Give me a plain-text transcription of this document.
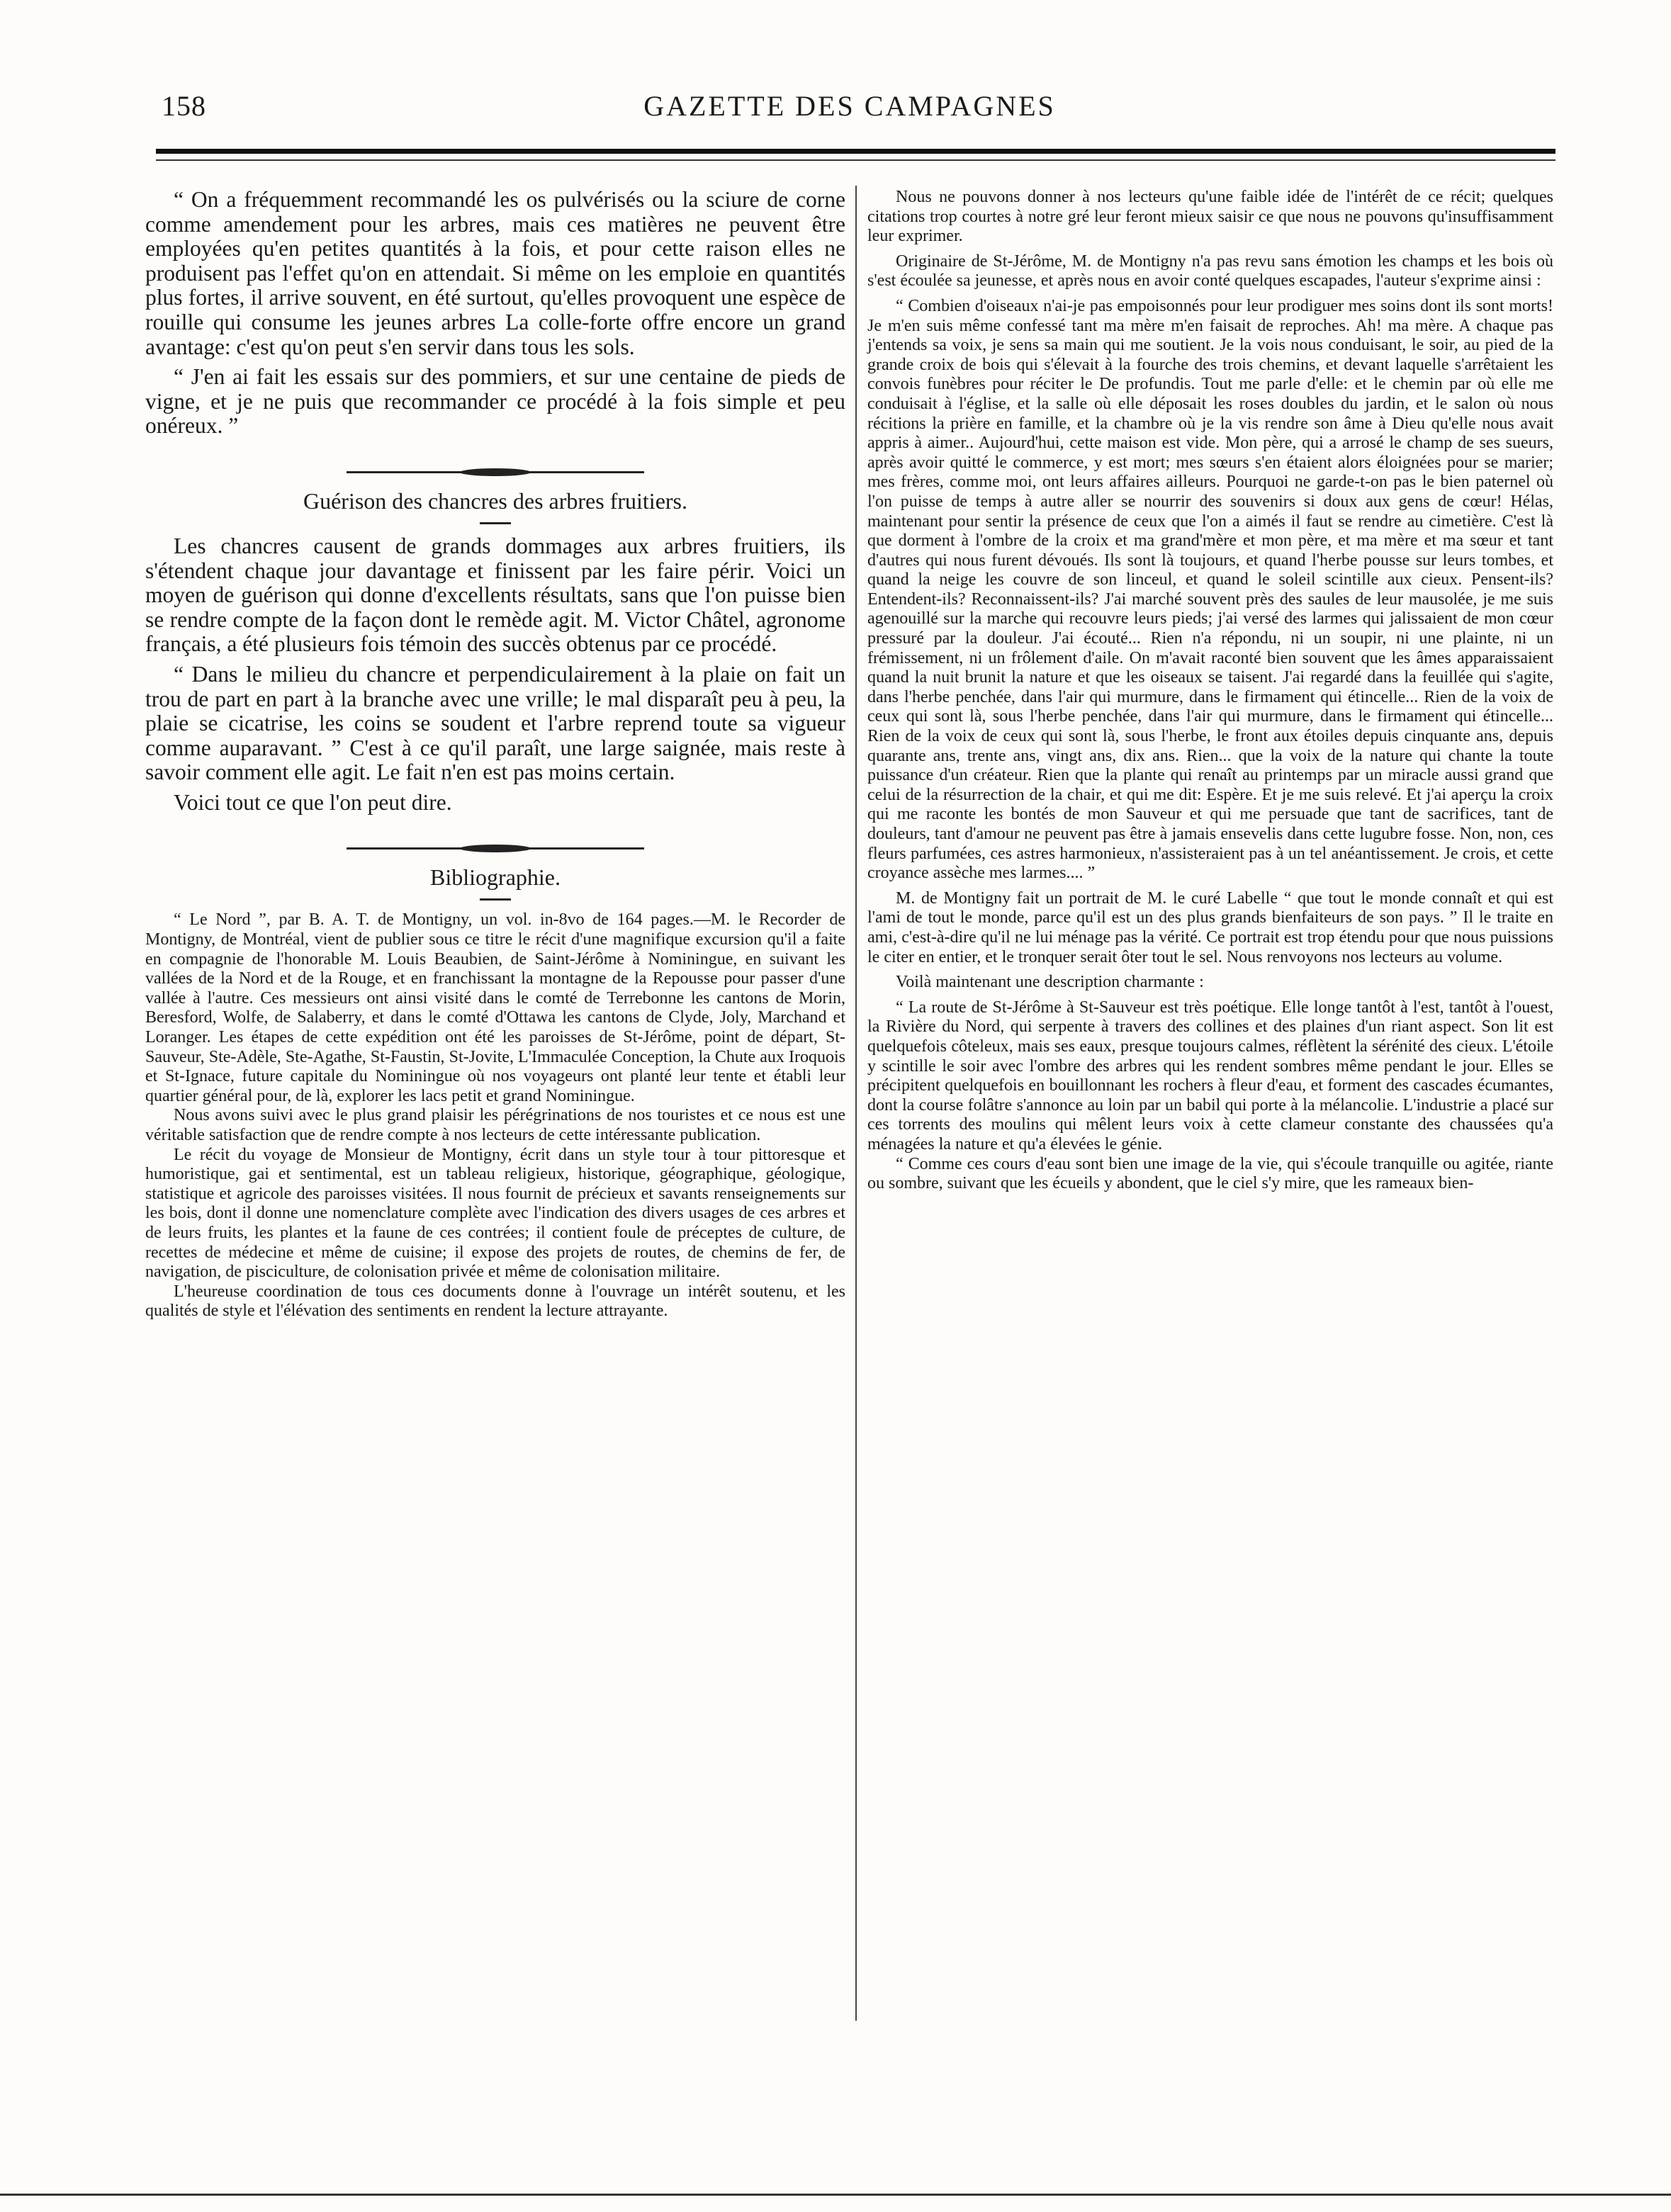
158	GAZETTE DES CAMPAGNES

“ On a fréquemment recommandé les os pulvérisés ou la sciure de corne comme amendement pour les arbres, mais ces matières ne peuvent être employées qu'en petites quantités à la fois, et pour cette raison elles ne produisent pas l'effet qu'on en attendait. Si même on les emploie en quantités plus fortes, il arrive souvent, en été surtout, qu'elles provoquent une espèce de rouille qui consume les jeunes arbres La colle-forte offre encore un grand avantage: c'est qu'on peut s'en servir dans tous les sols.

“ J'en ai fait les essais sur des pommiers, et sur une centaine de pieds de vigne, et je ne puis que recommander ce procédé à la fois simple et peu onéreux. ”

Guérison des chancres des arbres fruitiers.

Les chancres causent de grands dommages aux arbres fruitiers, ils s'étendent chaque jour davantage et finissent par les faire périr. Voici un moyen de guérison qui donne d'excellents résultats, sans que l'on puisse bien se rendre compte de la façon dont le remède agit. M. Victor Châtel, agronome français, a été plusieurs fois témoin des succès obtenus par ce procédé.

“ Dans le milieu du chancre et perpendiculairement à la plaie on fait un trou de part en part à la branche avec une vrille; le mal disparaît peu à peu, la plaie se cicatrise, les coins se soudent et l'arbre reprend toute sa vigueur comme auparavant. ” C'est à ce qu'il paraît, une large saignée, mais reste à savoir comment elle agit. Le fait n'en est pas moins certain.

Voici tout ce que l'on peut dire.

Bibliographie.

“ Le Nord ”, par B. A. T. de Montigny, un vol. in-8vo de 164 pages.—M. le Recorder de Montigny, de Montréal, vient de publier sous ce titre le récit d'une magnifique excursion qu'il a faite en compagnie de l'honorable M. Louis Beaubien, de Saint-Jérôme à Nominingue, en suivant les vallées de la Nord et de la Rouge, et en franchissant la montagne de la Repousse pour passer d'une vallée à l'autre. Ces messieurs ont ainsi visité dans le comté de Terrebonne les cantons de Morin, Beresford, Wolfe, de Salaberry, et dans le comté d'Ottawa les cantons de Clyde, Joly, Marchand et Loranger. Les étapes de cette expédition ont été les paroisses de St-Jérôme, point de départ, St-Sauveur, Ste-Adèle, Ste-Agathe, St-Faustin, St-Jovite, L'Immaculée Conception, la Chute aux Iroquois et St-Ignace, future capitale du Nominingue où nos voyageurs ont planté leur tente et établi leur quartier général pour, de là, explorer les lacs petit et grand Nominingue.

Nous avons suivi avec le plus grand plaisir les pérégrinations de nos touristes et ce nous est une véritable satisfaction que de rendre compte à nos lecteurs de cette intéressante publication.

Le récit du voyage de Monsieur de Montigny, écrit dans un style tour à tour pittoresque et humoristique, gai et sentimental, est un tableau religieux, historique, géographique, géologique, statistique et agricole des paroisses visitées. Il nous fournit de précieux et savants renseignements sur les bois, dont il donne une nomenclature complète avec l'indication des divers usages de ces arbres et de leurs fruits, les plantes et la faune de ces contrées; il contient foule de préceptes de culture, de recettes de médecine et même de cuisine; il expose des projets de routes, de chemins de fer, de navigation, de pisciculture, de colonisation privée et même de colonisation militaire.

L'heureuse coordination de tous ces documents donne à l'ouvrage un intérêt soutenu, et les qualités de style et l'élévation des sentiments en rendent la lecture attrayante.

Nous ne pouvons donner à nos lecteurs qu'une faible idée de l'intérêt de ce récit; quelques citations trop courtes à notre gré leur feront mieux saisir ce que nous ne pouvons qu'insuffisamment leur exprimer.

Originaire de St-Jérôme, M. de Montigny n'a pas revu sans émotion les champs et les bois où s'est écoulée sa jeunesse, et après nous en avoir conté quelques escapades, l'auteur s'exprime ainsi :

“ Combien d'oiseaux n'ai-je pas empoisonnés pour leur prodiguer mes soins dont ils sont morts! Je m'en suis même confessé tant ma mère m'en faisait de reproches. Ah! ma mère. A chaque pas j'entends sa voix, je sens sa main qui me soutient. Je la vois nous conduisant, le soir, au pied de la grande croix de bois qui s'élevait à la fourche des trois chemins, et devant laquelle s'arrêtaient les convois funèbres pour réciter le De profundis. Tout me parle d'elle: et le chemin par où elle me conduisait à l'église, et la salle où elle déposait les roses doubles du jardin, et le salon où nous récitions la prière en famille, et la chambre où je la vis rendre son âme à Dieu qu'elle nous avait appris à aimer.. Aujourd'hui, cette maison est vide. Mon père, qui a arrosé le champ de ses sueurs, après avoir quitté le commerce, y est mort; mes sœurs s'en étaient alors éloignées pour se marier; mes frères, comme moi, ont leurs affaires ailleurs. Pourquoi ne garde-t-on pas le bien paternel où l'on puisse de temps à autre aller se nourrir des souvenirs si doux aux gens de cœur! Hélas, maintenant pour sentir la présence de ceux que l'on a aimés il faut se rendre au cimetière. C'est là que dorment à l'ombre de la croix et ma grand'mère et mon père, et ma mère et ma sœur et tant d'autres qui nous furent dévoués. Ils sont là toujours, et quand l'herbe pousse sur leurs tombes, et quand la neige les couvre de son linceul, et quand le soleil scintille aux cieux. Pensent-ils? Entendent-ils? Reconnaissent-ils? J'ai marché souvent près des saules de leur mausolée, je me suis agenouillé sur la marche qui recouvre leurs pieds; j'ai versé des larmes qui jalissaient de mon cœur pressuré par la douleur. J'ai écouté... Rien n'a répondu, ni un soupir, ni une plainte, ni un frémissement, ni un frôlement d'aile. On m'avait raconté bien souvent que les âmes apparaissaient quand la nuit brunit la nature et que les oiseaux se taisent. J'ai regardé dans la feuillée qui s'agite, dans l'herbe penchée, dans l'air qui murmure, dans le firmament qui étincelle... Rien de la voix de ceux qui sont là, sous l'herbe penchée, dans l'air qui murmure, dans le firmament qui étincelle... Rien de la voix de ceux qui sont là, sous l'herbe, le front aux étoiles depuis cinquante ans, depuis quarante ans, trente ans, vingt ans, dix ans. Rien... que la voix de la nature qui chante la toute puissance d'un créateur. Rien que la plante qui renaît au printemps par un miracle aussi grand que celui de la résurrection de la chair, et qui me dit: Espère. Et je me suis relevé. Et j'ai aperçu la croix qui me raconte les bontés de mon Sauveur et qui me persuade que tant de sacrifices, tant de douleurs, tant d'amour ne peuvent pas être à jamais ensevelis dans cette lugubre fosse. Non, non, ces fleurs parfumées, ces astres harmonieux, n'assisteraient pas à un tel anéantissement. Je crois, et cette croyance assèche mes larmes.... ”

M. de Montigny fait un portrait de M. le curé Labelle “ que tout le monde connaît et qui est l'ami de tout le monde, parce qu'il est un des plus grands bienfaiteurs de son pays. ” Il le traite en ami, c'est-à-dire qu'il ne lui ménage pas la vérité. Ce portrait est trop étendu pour que nous puissions le citer en entier, et le tronquer serait ôter tout le sel. Nous renvoyons nos lecteurs au volume.

Voilà maintenant une description charmante :

“ La route de St-Jérôme à St-Sauveur est très poétique. Elle longe tantôt à l'est, tantôt à l'ouest, la Rivière du Nord, qui serpente à travers des collines et des plaines d'un riant aspect. Son lit est quelquefois côteleux, mais ses eaux, presque toujours calmes, réflètent la sérénité des cieux. L'étoile y scintille le soir avec l'ombre des arbres qui les rendent sombres même pendant le jour. Elles se précipitent quelquefois en bouillonnant les rochers à fleur d'eau, et forment des cascades écumantes, dont la course folâtre s'annonce au loin par un babil qui porte à la mélancolie. L'industrie a placé sur ces torrents des moulins qui mêlent leurs voix à cette clameur constante des chaussées qu'a ménagées la nature et qu'a élevées le génie.

“ Comme ces cours d'eau sont bien une image de la vie, qui s'écoule tranquille ou agitée, riante ou sombre, suivant que les écueils y abondent, que le ciel s'y mire, que les rameaux bien-
